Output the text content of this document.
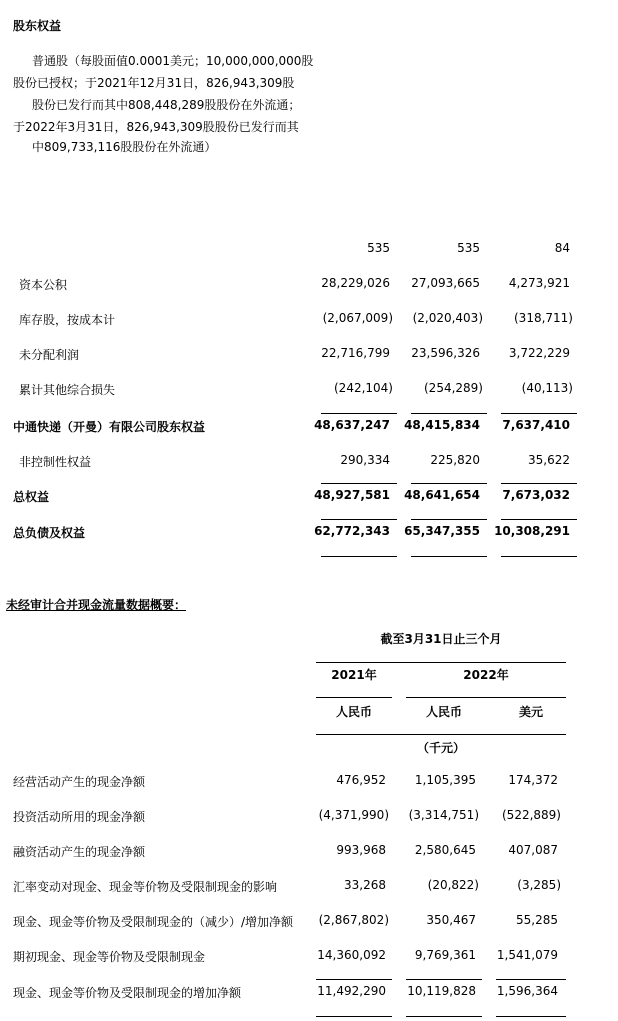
股东权益
普通股（每股面值0.0001美元；10,000,000,000股
股份已授权；于2021年12月31日，826,943,309股
股份已发行而其中808,448,289股股份在外流通；
于2022年3月31日，826,943,309股股份已发行而其
中809,733,116股股份在外流通）
535	535	84
资本公积	28,229,026	27,093,665	4,273,921
库存股，按成本计	(2,067,009)	(2,020,403)	(318,711)
未分配利润	22,716,799	23,596,326	3,722,229
累计其他综合损失	(242,104)	(254,289)	(40,113)
中通快递（开曼）有限公司股东权益	48,637,247	48,415,834	7,637,410
非控制性权益	290,334	225,820	35,622
总权益	48,927,581	48,641,654	7,673,032
总负债及权益	62,772,343	65,347,355	10,308,291
未经审计合并现金流量数据概要：
截至3月31日止三个月
2021年	2022年
人民币	人民币	美元
（千元）
经营活动产生的现金净额	476,952	1,105,395	174,372
投资活动所用的现金净额	(4,371,990)	(3,314,751)	(522,889)
融资活动产生的现金净额	993,968	2,580,645	407,087
汇率变动对现金、现金等价物及受限制现金的影响	33,268	(20,822)	(3,285)
现金、现金等价物及受限制现金的（减少）/增加净额	(2,867,802)	350,467	55,285
期初现金、现金等价物及受限制现金	14,360,092	9,769,361	1,541,079
现金、现金等价物及受限制现金的增加净额	11,492,290	10,119,828	1,596,364
